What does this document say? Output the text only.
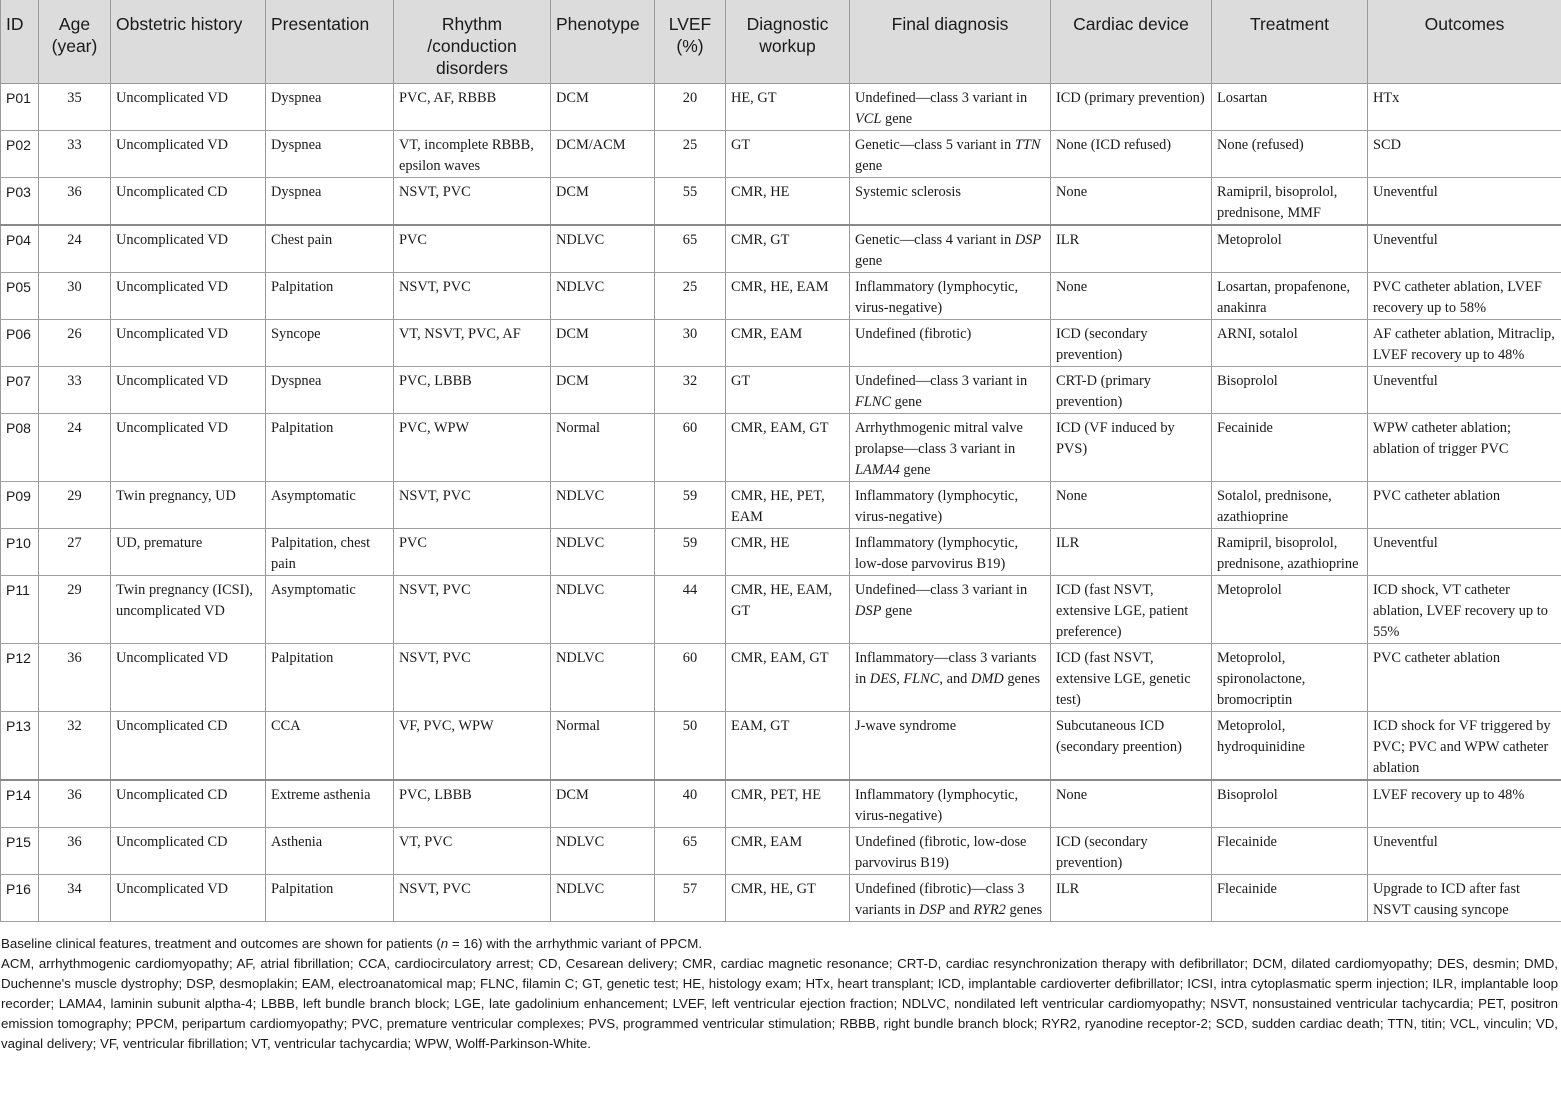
ID	Age (year)	Obstetric history	Presentation	Rhythm /conduction disorders	Phenotype	LVEF (%)	Diagnostic workup	Final diagnosis	Cardiac device	Treatment	Outcomes
P01	35	Uncomplicated VD	Dyspnea	PVC, AF, RBBB	DCM	20	HE, GT	Undefined—class 3 variant in VCL gene	ICD (primary prevention)	Losartan	HTx
P02	33	Uncomplicated VD	Dyspnea	VT, incomplete RBBB, epsilon waves	DCM/ACM	25	GT	Genetic—class 5 variant in TTN gene	None (ICD refused)	None (refused)	SCD
P03	36	Uncomplicated CD	Dyspnea	NSVT, PVC	DCM	55	CMR, HE	Systemic sclerosis	None	Ramipril, bisoprolol, prednisone, MMF	Uneventful
P04	24	Uncomplicated VD	Chest pain	PVC	NDLVC	65	CMR, GT	Genetic—class 4 variant in DSP gene	ILR	Metoprolol	Uneventful
P05	30	Uncomplicated VD	Palpitation	NSVT, PVC	NDLVC	25	CMR, HE, EAM	Inflammatory (lymphocytic, virus-negative)	None	Losartan, propafenone, anakinra	PVC catheter ablation, LVEF recovery up to 58%
P06	26	Uncomplicated VD	Syncope	VT, NSVT, PVC, AF	DCM	30	CMR, EAM	Undefined (fibrotic)	ICD (secondary prevention)	ARNI, sotalol	AF catheter ablation, Mitraclip, LVEF recovery up to 48%
P07	33	Uncomplicated VD	Dyspnea	PVC, LBBB	DCM	32	GT	Undefined—class 3 variant in FLNC gene	CRT-D (primary prevention)	Bisoprolol	Uneventful
P08	24	Uncomplicated VD	Palpitation	PVC, WPW	Normal	60	CMR, EAM, GT	Arrhythmogenic mitral valve prolapse—class 3 variant in LAMA4 gene	ICD (VF induced by PVS)	Fecainide	WPW catheter ablation; ablation of trigger PVC
P09	29	Twin pregnancy, UD	Asymptomatic	NSVT, PVC	NDLVC	59	CMR, HE, PET, EAM	Inflammatory (lymphocytic, virus-negative)	None	Sotalol, prednisone, azathioprine	PVC catheter ablation
P10	27	UD, premature	Palpitation, chest pain	PVC	NDLVC	59	CMR, HE	Inflammatory (lymphocytic, low-dose parvovirus B19)	ILR	Ramipril, bisoprolol, prednisone, azathioprine	Uneventful
P11	29	Twin pregnancy (ICSI), uncomplicated VD	Asymptomatic	NSVT, PVC	NDLVC	44	CMR, HE, EAM, GT	Undefined—class 3 variant in DSP gene	ICD (fast NSVT, extensive LGE, patient preference)	Metoprolol	ICD shock, VT catheter ablation, LVEF recovery up to 55%
P12	36	Uncomplicated VD	Palpitation	NSVT, PVC	NDLVC	60	CMR, EAM, GT	Inflammatory—class 3 variants in DES, FLNC, and DMD genes	ICD (fast NSVT, extensive LGE, genetic test)	Metoprolol, spironolactone, bromocriptin	PVC catheter ablation
P13	32	Uncomplicated CD	CCA	VF, PVC, WPW	Normal	50	EAM, GT	J-wave syndrome	Subcutaneous ICD (secondary preention)	Metoprolol, hydroquinidine	ICD shock for VF triggered by PVC; PVC and WPW catheter ablation
P14	36	Uncomplicated CD	Extreme asthenia	PVC, LBBB	DCM	40	CMR, PET, HE	Inflammatory (lymphocytic, virus-negative)	None	Bisoprolol	LVEF recovery up to 48%
P15	36	Uncomplicated CD	Asthenia	VT, PVC	NDLVC	65	CMR, EAM	Undefined (fibrotic, low-dose parvovirus B19)	ICD (secondary prevention)	Flecainide	Uneventful
P16	34	Uncomplicated VD	Palpitation	NSVT, PVC	NDLVC	57	CMR, HE, GT	Undefined (fibrotic)—class 3 variants in DSP and RYR2 genes	ILR	Flecainide	Upgrade to ICD after fast NSVT causing syncope

Baseline clinical features, treatment and outcomes are shown for patients (n = 16) with the arrhythmic variant of PPCM.

ACM, arrhythmogenic cardiomyopathy; AF, atrial fibrillation; CCA, cardiocirculatory arrest; CD, Cesarean delivery; CMR, cardiac magnetic resonance; CRT-D, cardiac resynchronization therapy with defibrillator; DCM, dilated cardiomyopathy; DES, desmin; DMD, Duchenne's muscle dystrophy; DSP, desmoplakin; EAM, electroanatomical map; FLNC, filamin C; GT, genetic test; HE, histology exam; HTx, heart transplant; ICD, implantable cardioverter defibrillator; ICSI, intra cytoplasmatic sperm injection; ILR, implantable loop recorder; LAMA4, laminin subunit alptha-4; LBBB, left bundle branch block; LGE, late gadolinium enhancement; LVEF, left ventricular ejection fraction; NDLVC, nondilated left ventricular cardiomyopathy; NSVT, nonsustained ventricular tachycardia; PET, positron emission tomography; PPCM, peripartum cardiomyopathy; PVC, premature ventricular complexes; PVS, programmed ventricular stimulation; RBBB, right bundle branch block; RYR2, ryanodine receptor-2; SCD, sudden cardiac death; TTN, titin; VCL, vinculin; VD, vaginal delivery; VF, ventricular fibrillation; VT, ventricular tachycardia; WPW, Wolff-Parkinson-White.
